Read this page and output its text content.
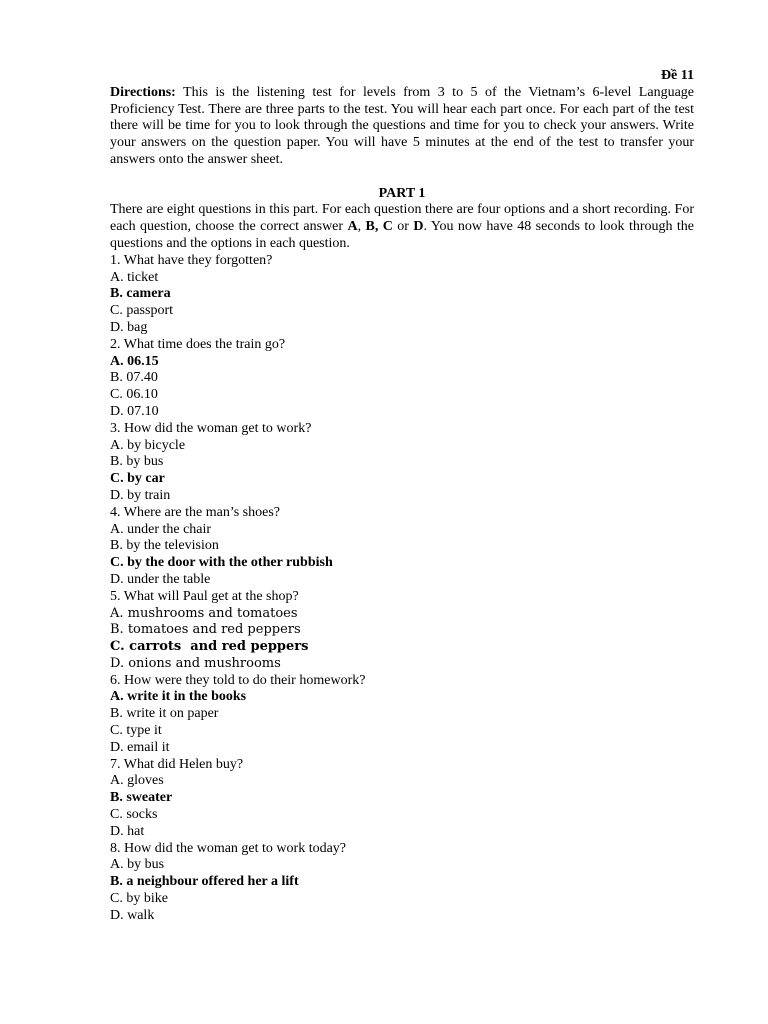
Đề 11
Directions: This is the listening test for levels from 3 to 5 of the Vietnam’s 6-level Language Proficiency Test. There are three parts to the test. You will hear each part once. For each part of the test there will be time for you to look through the questions and time for you to check your answers. Write your answers on the question paper. You will have 5 minutes at the end of the test to transfer your answers onto the answer sheet.
PART 1
There are eight questions in this part. For each question there are four options and a short recording. For each question, choose the correct answer A, B, C or D. You now have 48 seconds to look through the questions and the options in each question.
1. What have they forgotten?
A. ticket
B. camera
C. passport
D. bag
2. What time does the train go?
A. 06.15
B. 07.40
C. 06.10
D. 07.10
3. How did the woman get to work?
A. by bicycle
B. by bus
C. by car
D. by train
4. Where are the man’s shoes?
A. under the chair
B. by the television
C. by the door with the other rubbish
D. under the table
5. What will Paul get at the shop?
A. mushrooms and tomatoes
B. tomatoes and red peppers
C. carrots  and red peppers
D. onions and mushrooms
6. How were they told to do their homework?
A. write it in the books
B. write it on paper
C. type it
D. email it
7. What did Helen buy?
A. gloves
B. sweater
C. socks
D. hat
8. How did the woman get to work today?
A. by bus
B. a neighbour offered her a lift
C. by bike
D. walk
